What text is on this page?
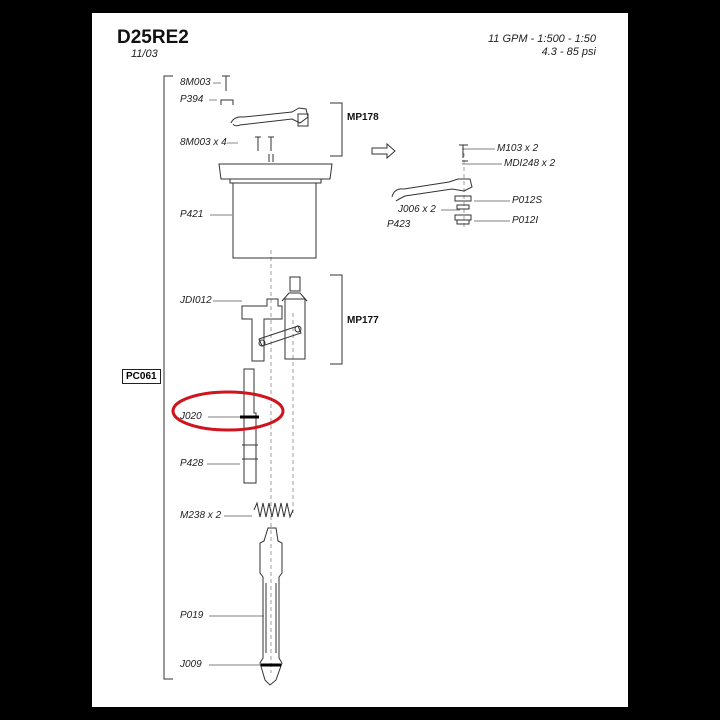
D25RE2
11/03
11 GPM - 1:500 - 1:50
4.3 - 85 psi
PC061
MP178
MP177
8M003
P394
8M003 x 4
P421
JDI012
J020
P428
M238 x 2
P019
J009
M103 x 2
MDI248 x 2
P012S
J006 x 2
P423	P012I
